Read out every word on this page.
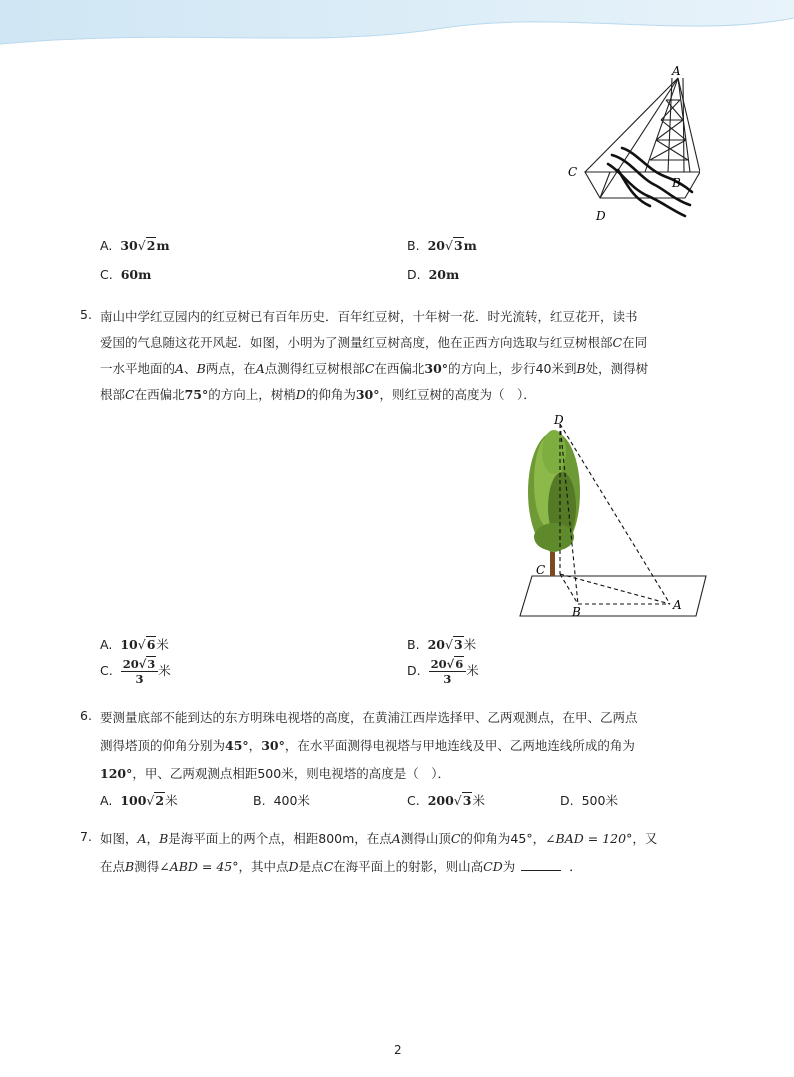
A
C
B
D
A. 30√2m	B. 20√3m
C. 60m	D. 20m
5. 南山中学红豆园内的红豆树已有百年历史．百年红豆树，十年树一花．时光流转，红豆花开，读书
爱国的气息随这花开风起．如图，小明为了测量红豆树高度，他在正西方向选取与红豆树根部C在同
一水平地面的A、B两点，在A点测得红豆树根部C在西偏北30°的方向上，步行40米到B处，测得树
根部C在西偏北75°的方向上，树梢D的仰角为30°，则红豆树的高度为（　）．
D
C
B	A
A. 10√6米	B. 20√3米
C. $\frac{20√3}{3}$ 米	D. $\frac{20√6}{3}$ 米
6. 要测量底部不能到达的东方明珠电视塔的高度，在黄浦江西岸选择甲、乙两观测点，在甲、乙两点
测得塔顶的仰角分别为45°，30°，在水平面测得电视塔与甲地连线及甲、乙两地连线所成的角为
120°，甲、乙两观测点相距500米，则电视塔的高度是（　）．
A. 100√2米	B. 400米	C. 200√3米	D. 500米
7. 如图，A，B是海平面上的两个点，相距800m，在点A测得山顶C的仰角为45°，∠BAD = 120°，又
在点B测得∠ABD = 45°，其中点D是点C在海平面上的射影，则山高CD为	．
2
